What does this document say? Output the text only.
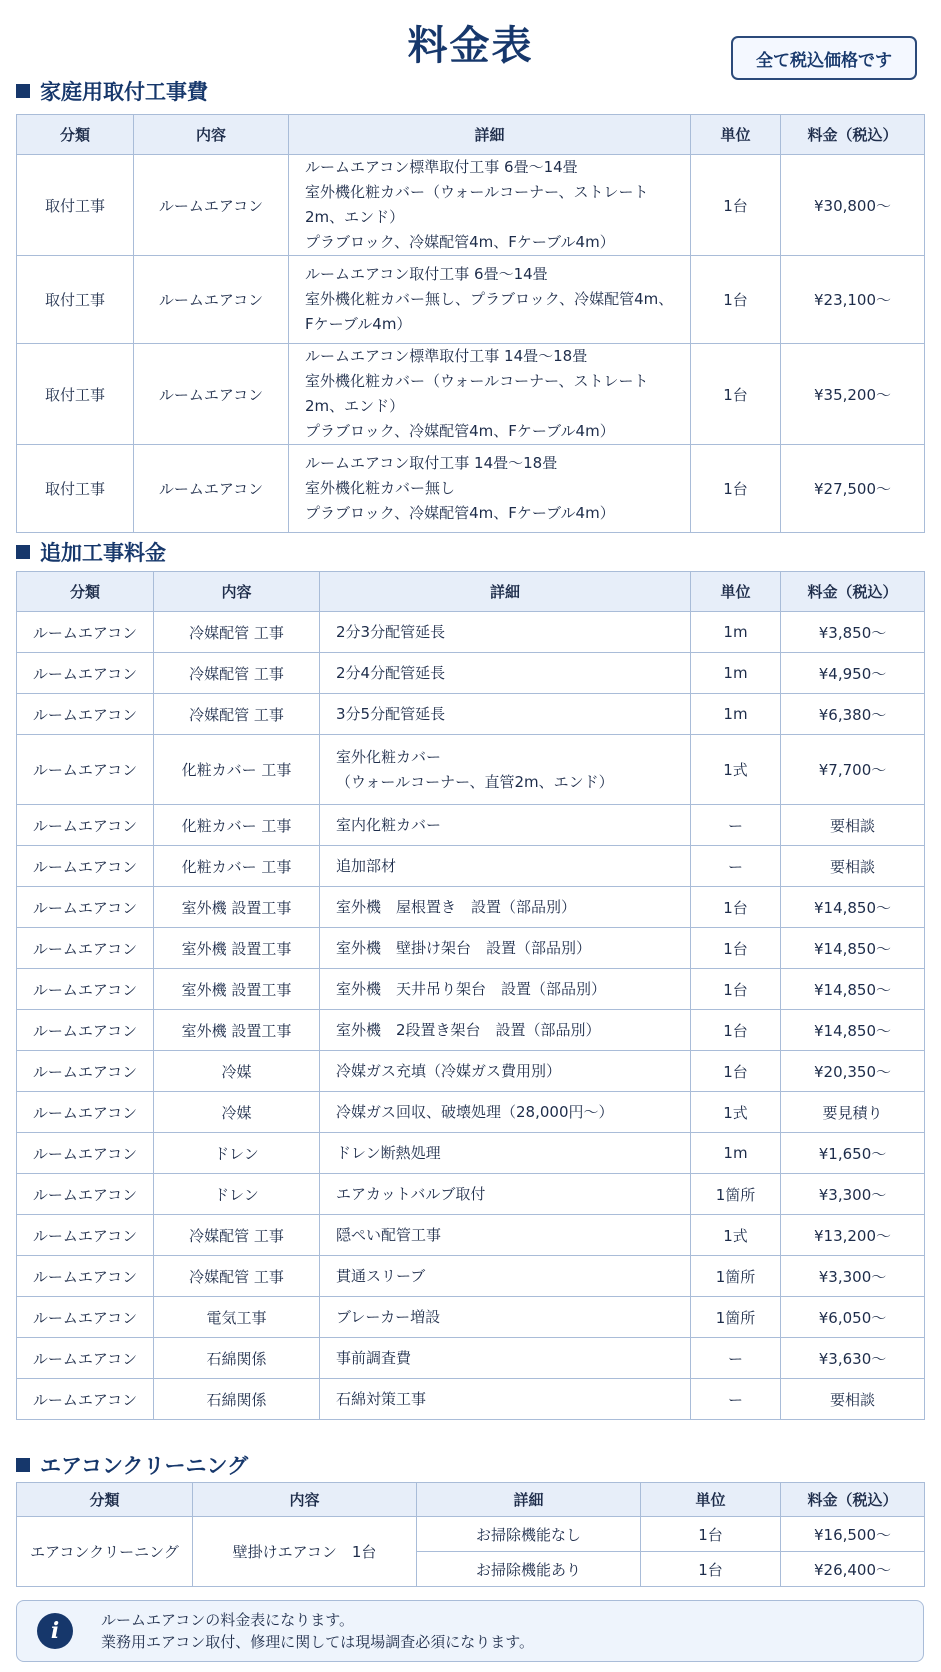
料金表	全て税込価格です
家庭用取付工事費
分類	内容	詳細	単位	料金（税込）
取付工事	ルームエアコン	ルームエアコン標準取付工事 6畳～14畳
室外機化粧カバー（ウォールコーナー、ストレート2m、エンド）
プラブロック、冷媒配管4m、Fケーブル4m）	1台	¥30,800～
取付工事	ルームエアコン	ルームエアコン取付工事 6畳～14畳
室外機化粧カバー無し、プラブロック、冷媒配管4m、
Fケーブル4m）	1台	¥23,100～
取付工事	ルームエアコン	ルームエアコン標準取付工事 14畳～18畳
室外機化粧カバー（ウォールコーナー、ストレート2m、エンド）
プラブロック、冷媒配管4m、Fケーブル4m）	1台	¥35,200～
取付工事	ルームエアコン	ルームエアコン取付工事 14畳～18畳
室外機化粧カバー無し
プラブロック、冷媒配管4m、Fケーブル4m）	1台	¥27,500～
追加工事料金
分類	内容	詳細	単位	料金（税込）
ルームエアコン	冷媒配管 工事	2分3分配管延長	1m	¥3,850～
ルームエアコン	冷媒配管 工事	2分4分配管延長	1m	¥4,950～
ルームエアコン	冷媒配管 工事	3分5分配管延長	1m	¥6,380～
ルームエアコン	化粧カバー 工事	室外化粧カバー
（ウォールコーナー、直管2m、エンド）	1式	¥7,700～
ルームエアコン	化粧カバー 工事	室内化粧カバー	ー	要相談
ルームエアコン	化粧カバー 工事	追加部材	ー	要相談
ルームエアコン	室外機 設置工事	室外機　屋根置き　設置（部品別）	1台	¥14,850～
ルームエアコン	室外機 設置工事	室外機　壁掛け架台　設置（部品別）	1台	¥14,850～
ルームエアコン	室外機 設置工事	室外機　天井吊り架台　設置（部品別）	1台	¥14,850～
ルームエアコン	室外機 設置工事	室外機　2段置き架台　設置（部品別）	1台	¥14,850～
ルームエアコン	冷媒	冷媒ガス充填（冷媒ガス費用別）	1台	¥20,350～
ルームエアコン	冷媒	冷媒ガス回収、破壊処理（28,000円～）	1式	要見積り
ルームエアコン	ドレン	ドレン断熱処理	1m	¥1,650～
ルームエアコン	ドレン	エアカットバルブ取付	1箇所	¥3,300～
ルームエアコン	冷媒配管 工事	隠ぺい配管工事	1式	¥13,200～
ルームエアコン	冷媒配管 工事	貫通スリーブ	1箇所	¥3,300～
ルームエアコン	電気工事	ブレーカー増設	1箇所	¥6,050～
ルームエアコン	石綿関係	事前調査費	ー	¥3,630～
ルームエアコン	石綿関係	石綿対策工事	ー	要相談
エアコンクリーニング
分類	内容	詳細	単位	料金（税込）
エアコンクリーニング	壁掛けエアコン　1台	お掃除機能なし	1台	¥16,500～
		お掃除機能あり	1台	¥26,400～
i	ルームエアコンの料金表になります。
業務用エアコン取付、修理に関しては現場調査必須になります。
